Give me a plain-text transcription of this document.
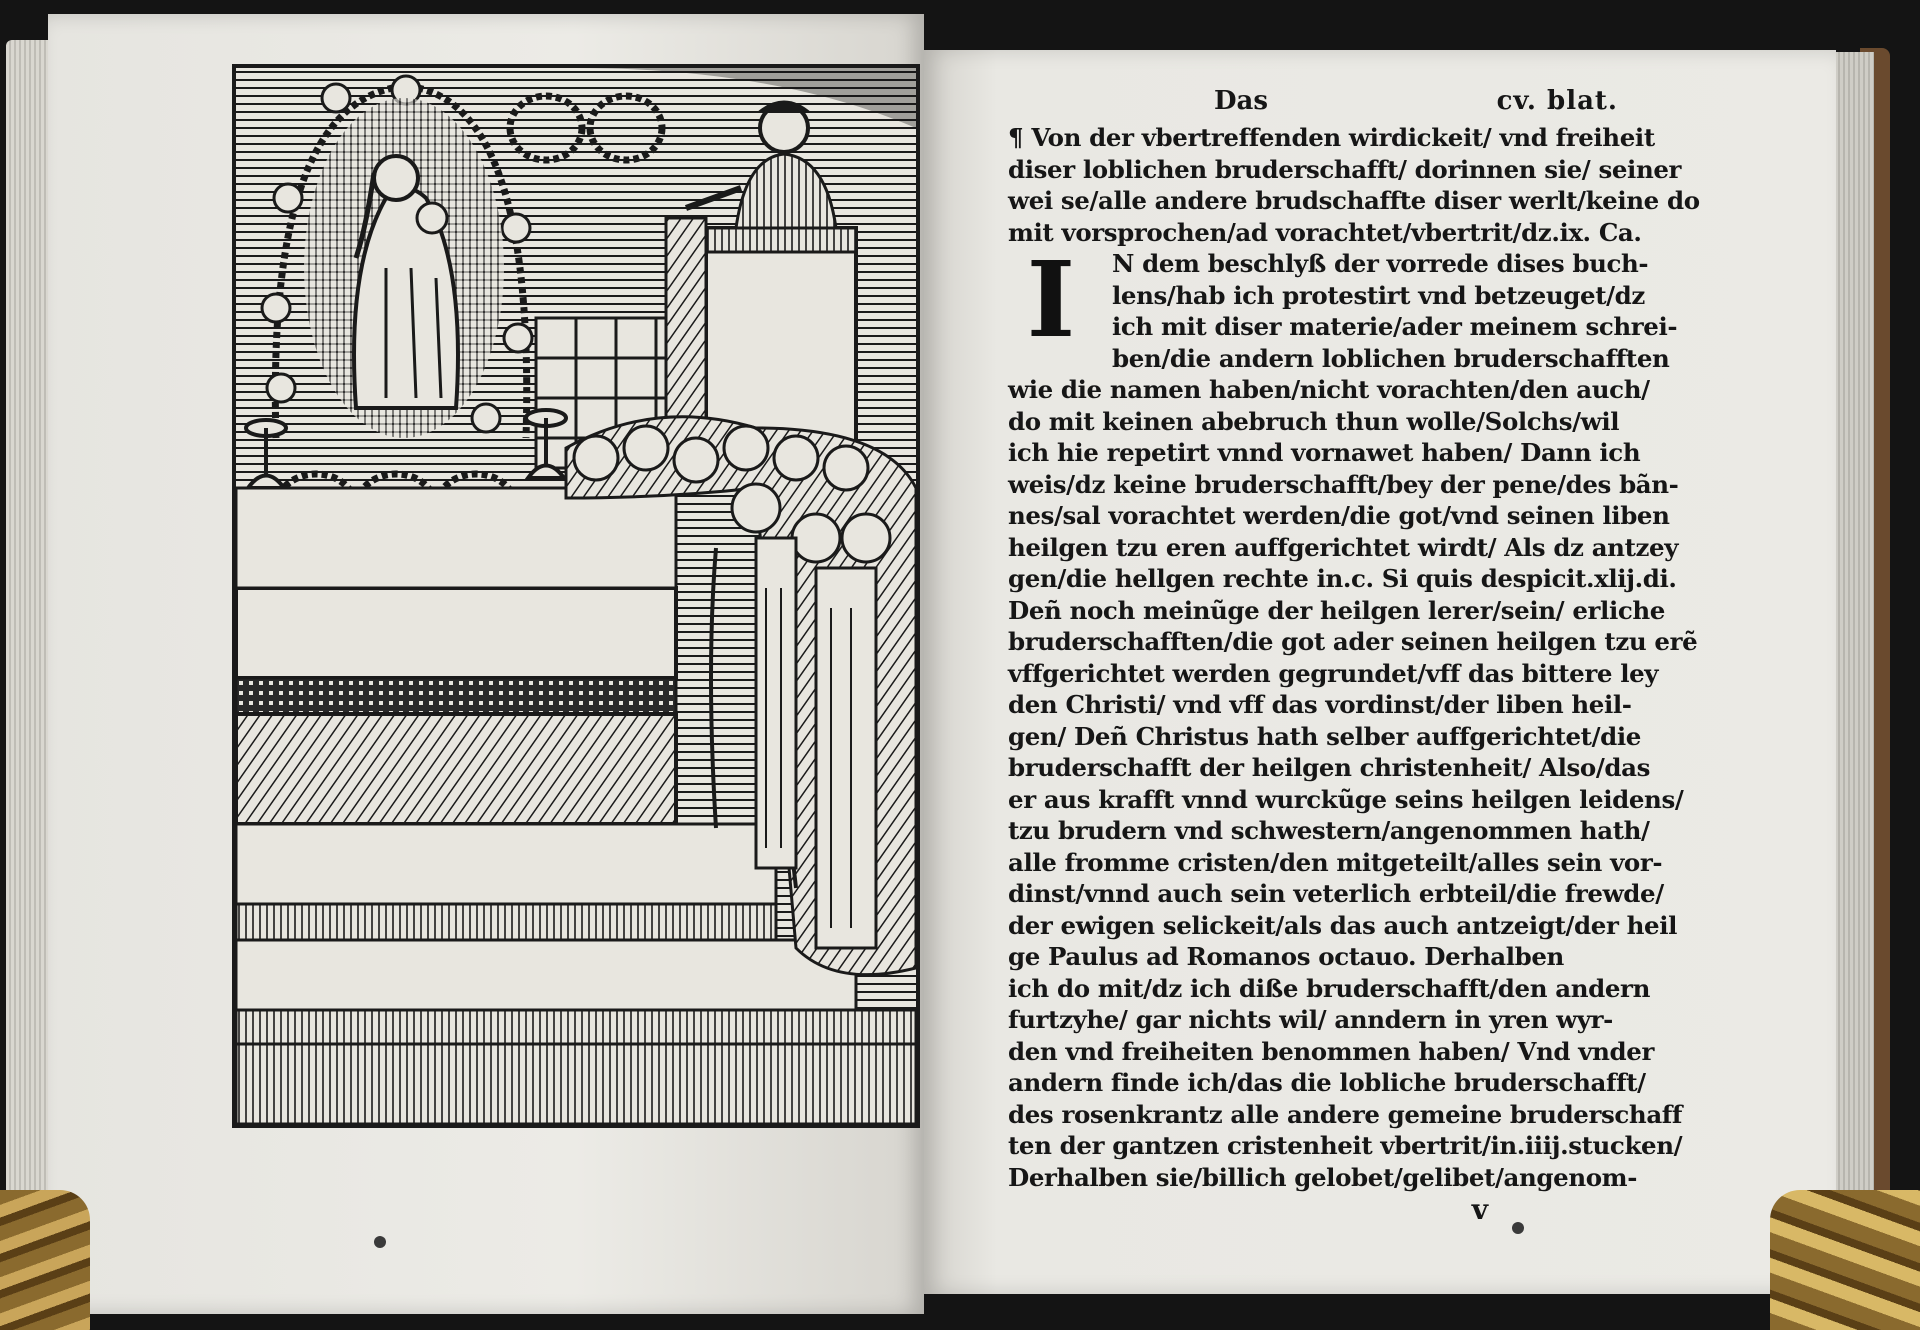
Das	cv. blat.
¶ Von der vbertreffenden wirdickeit/ vnd freiheit
diser loblichen bruderschafft/ dorinnen sie/ seiner
wei se/alle andere brudschaffte diser werlt/keine do
mit vorsprochen/ad vorachtet/vbertrit/dz.ix. Ca.
I	N dem beschlyß der vorrede dises buch-
lens/hab ich protestirt vnd betzeuget/dz
ich mit diser materie/ader meinem schrei-
ben/die andern loblichen bruderschafften
wie die namen haben/nicht vorachten/den auch/
do mit keinen abebruch thun wolle/Solchs/wil
ich hie repetirt vnnd vornawet haben/ Dann ich
weis/dz keine bruderschafft/bey der pene/des bãn-
nes/sal vorachtet werden/die got/vnd seinen liben
heilgen tzu eren auffgerichtet wirdt/ Als dz antzey
gen/die hellgen rechte in.c. Si quis despicit.xlij.di.
Deñ noch meinũge der heilgen lerer/sein/ erliche
bruderschafften/die got ader seinen heilgen tzu erẽ
vffgerichtet werden gegrundet/vff das bittere ley
den Christi/ vnd vff das vordinst/der liben heil-
gen/ Deñ Christus hath selber auffgerichtet/die
bruderschafft der heilgen christenheit/ Also/das
er aus krafft vnnd wurckũge seins heilgen leidens/
tzu brudern vnd schwestern/angenommen hath/
alle fromme cristen/den mitgeteilt/alles sein vor-
dinst/vnnd auch sein veterlich erbteil/die frewde/
der ewigen selickeit/als das auch antzeigt/der heil
ge Paulus ad Romanos octauo. Derhalben
ich do mit/dz ich diße bruderschafft/den andern
furtzyhe/ gar nichts wil/ anndern in yren wyr-
den vnd freiheiten benommen haben/ Vnd vnder
andern finde ich/das die lobliche bruderschafft/
des rosenkrantz alle andere gemeine bruderschaff
ten der gantzen cristenheit vbertrit/in.iiij.stucken/
Derhalben sie/billich gelobet/gelibet/angenom-
v
